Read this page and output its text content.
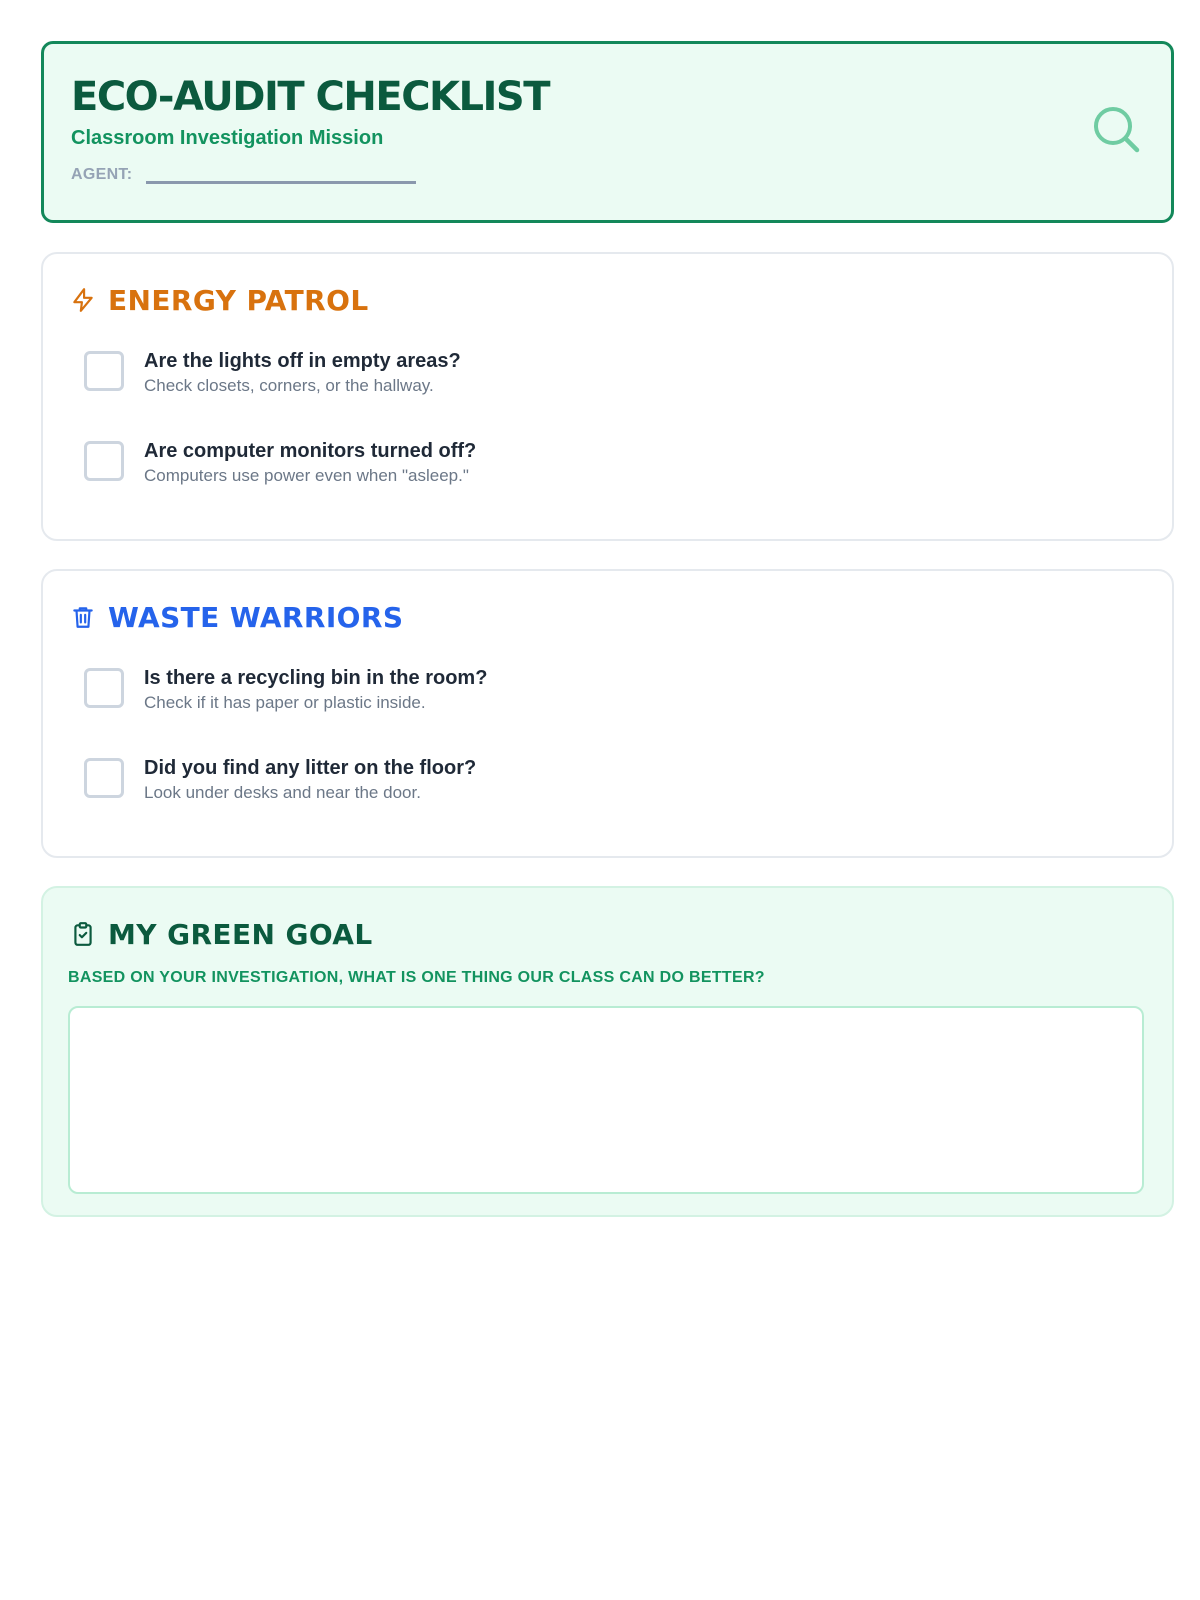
ECO-AUDIT CHECKLIST
Classroom Investigation Mission
AGENT:
ENERGY PATROL
Are the lights off in empty areas?
Check closets, corners, or the hallway.
Are computer monitors turned off?
Computers use power even when "asleep."
WASTE WARRIORS
Is there a recycling bin in the room?
Check if it has paper or plastic inside.
Did you find any litter on the floor?
Look under desks and near the door.
MY GREEN GOAL
BASED ON YOUR INVESTIGATION, WHAT IS ONE THING OUR CLASS CAN DO BETTER?
